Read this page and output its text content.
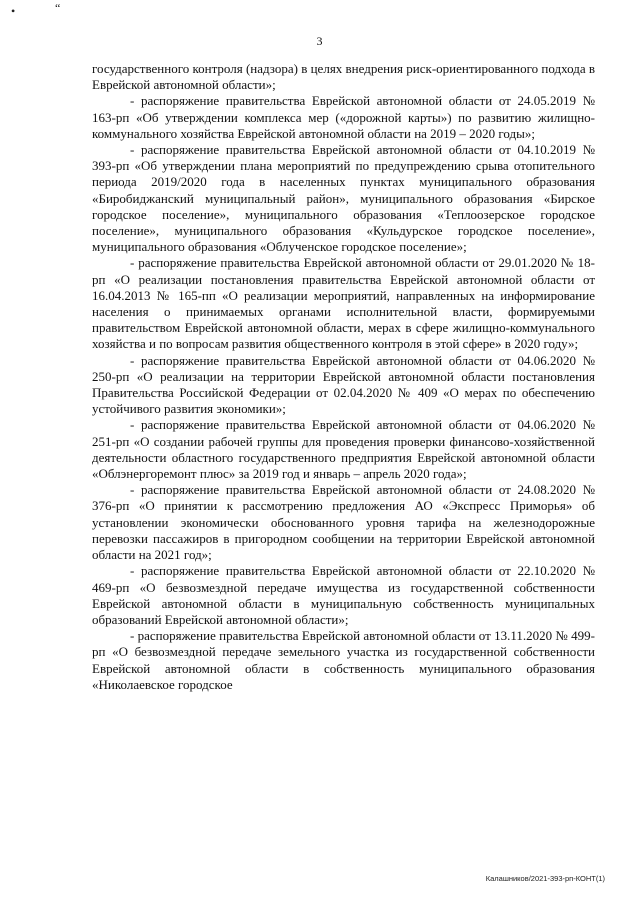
•	“
3

государственного контроля (надзора) в целях внедрения риск-ориентированного подхода в Еврейской автономной области»;

- распоряжение правительства Еврейской автономной области от 24.05.2019 № 163-рп «Об утверждении комплекса мер («дорожной карты») по развитию жилищно-коммунального хозяйства Еврейской автономной области на 2019 – 2020 годы»;

- распоряжение правительства Еврейской автономной области от 04.10.2019 № 393-рп «Об утверждении плана мероприятий по предупреждению срыва отопительного периода 2019/2020 года в населенных пунктах муниципального образования «Биробиджанский муниципальный район», муниципального образования «Бирское городское поселение», муниципального образования «Теплоозерское городское поселение», муниципального образования «Кульдурское городское поселение», муниципального образования «Облученское городское поселение»;

- распоряжение правительства Еврейской автономной области от 29.01.2020 № 18-рп «О реализации постановления правительства Еврейской автономной области от 16.04.2013 № 165-пп «О реализации мероприятий, направленных на информирование населения о принимаемых органами исполнительной власти, формируемыми правительством Еврейской автономной области, мерах в сфере жилищно-коммунального хозяйства и по вопросам развития общественного контроля в этой сфере» в 2020 году»;

- распоряжение правительства Еврейской автономной области от 04.06.2020 № 250-рп «О реализации на территории Еврейской автономной области постановления Правительства Российской Федерации от 02.04.2020 № 409 «О мерах по обеспечению устойчивого развития экономики»;

- распоряжение правительства Еврейской автономной области от 04.06.2020 № 251-рп «О создании рабочей группы для проведения проверки финансово-хозяйственной деятельности областного государственного предприятия Еврейской автономной области «Облэнергоремонт плюс» за 2019 год и январь – апрель 2020 года»;

- распоряжение правительства Еврейской автономной области от 24.08.2020 № 376-рп «О принятии к рассмотрению предложения АО «Экспресс Приморья» об установлении экономически обоснованного уровня тарифа на железнодорожные перевозки пассажиров в пригородном сообщении на территории Еврейской автономной области на 2021 год»;

- распоряжение правительства Еврейской автономной области от 22.10.2020 № 469-рп «О безвозмездной передаче имущества из государственной собственности Еврейской автономной области в муниципальную собственность муниципальных образований Еврейской автономной области»;

- распоряжение правительства Еврейской автономной области от 13.11.2020 № 499-рп «О безвозмездной передаче земельного участка из государственной собственности Еврейской автономной области в собственность муниципального образования «Николаевское городское

Калашников/2021-393-рп-КОНТ(1)
